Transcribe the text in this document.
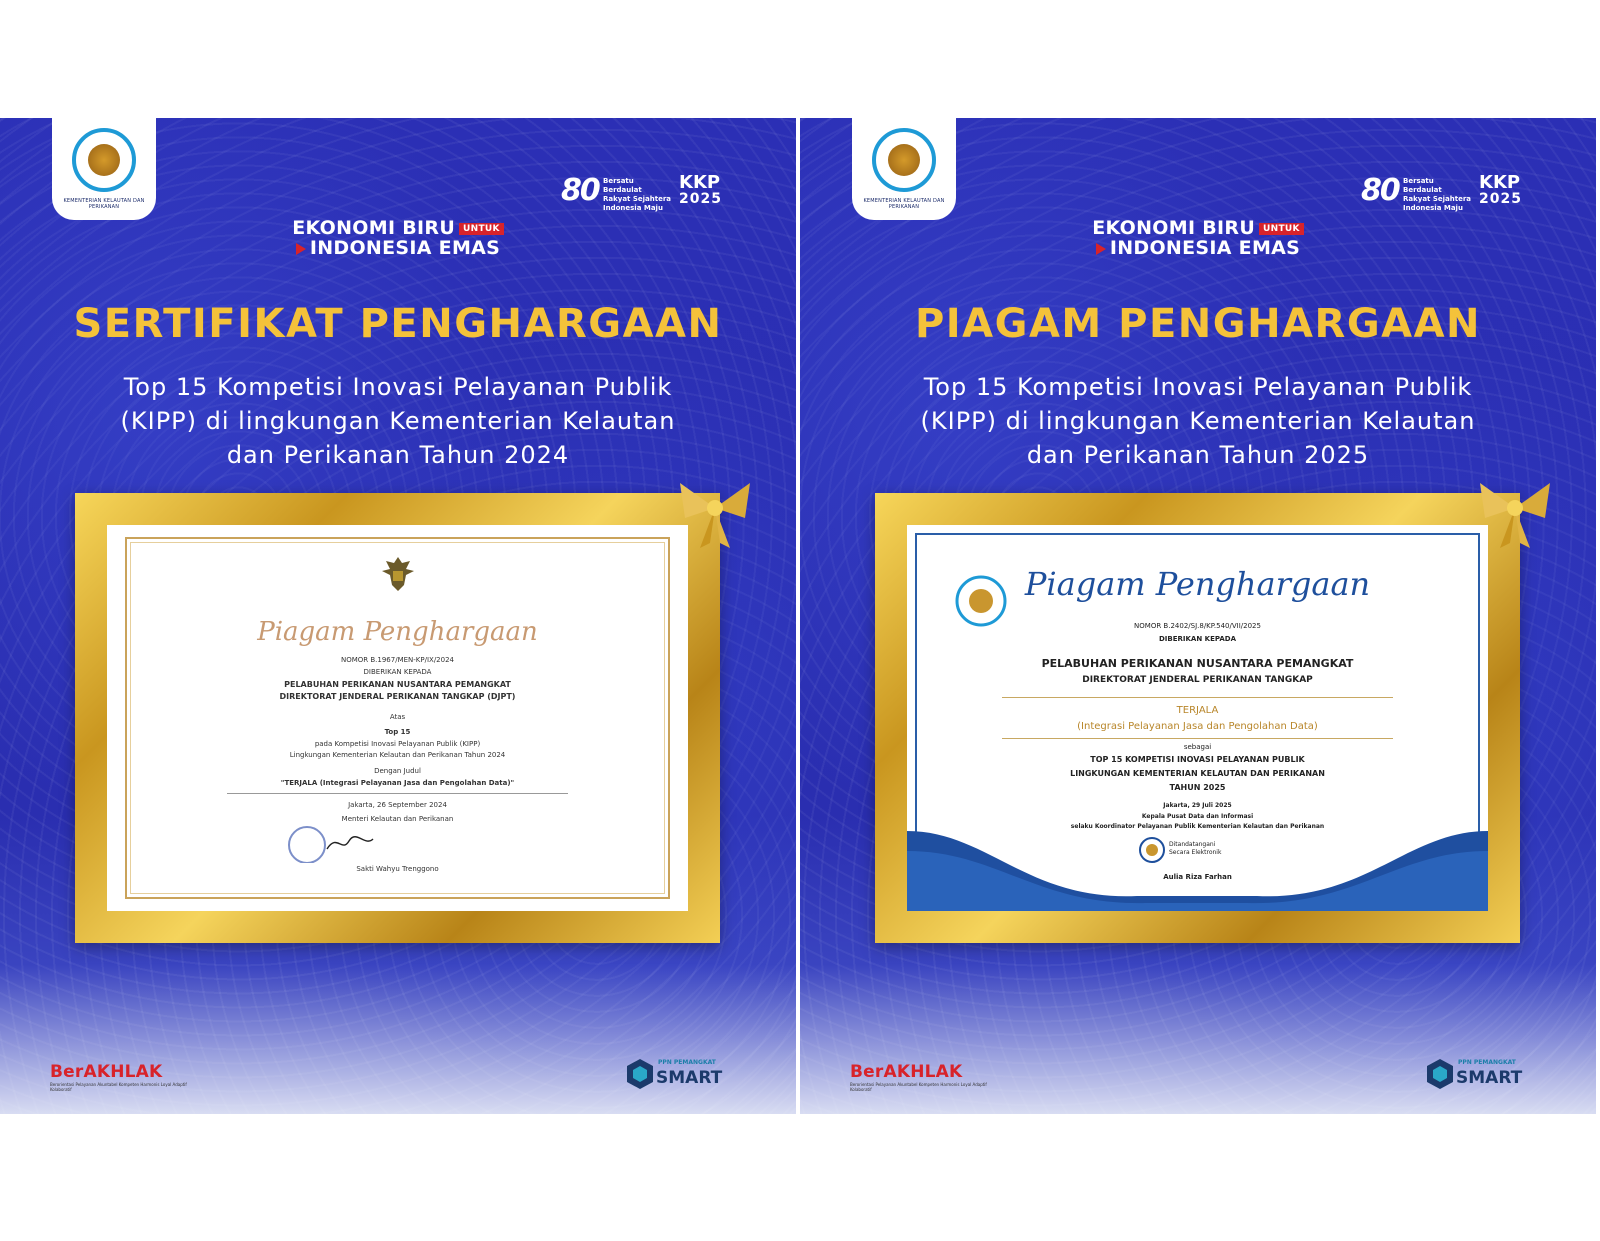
KEMENTERIAN KELAUTAN DAN PERIKANAN	80 Bersatu Berdaulat
Rakyat Sejahtera
Indonesia Maju
KKP
2025
EKONOMI BIRU UNTUK
INDONESIA EMAS
SERTIFIKAT PENGHARGAAN
Top 15 Kompetisi Inovasi Pelayanan Publik
(KIPP) di lingkungan Kementerian Kelautan
dan Perikanan Tahun 2024
Piagam Penghargaan
NOMOR B.1967/MEN-KP/IX/2024
DIBERIKAN KEPADA
PELABUHAN PERIKANAN NUSANTARA PEMANGKAT
DIREKTORAT JENDERAL PERIKANAN TANGKAP (DJPT)
Atas
Top 15
pada Kompetisi Inovasi Pelayanan Publik (KIPP)
Lingkungan Kementerian Kelautan dan Perikanan Tahun 2024
Dengan Judul
"TERJALA (Integrasi Pelayanan Jasa dan Pengolahan Data)"
Jakarta, 26 September 2024
Menteri Kelautan dan Perikanan
Sakti Wahyu Trenggono
BerAKHLAK
Berorientasi Pelayanan Akuntabel Kompeten Harmonis Loyal Adaptif Kolaboratif
PPN PEMANGKAT
SMART
KEMENTERIAN KELAUTAN DAN PERIKANAN	80 Bersatu Berdaulat
Rakyat Sejahtera
Indonesia Maju
KKP
2025
EKONOMI BIRU UNTUK
INDONESIA EMAS
PIAGAM PENGHARGAAN
Top 15 Kompetisi Inovasi Pelayanan Publik
(KIPP) di lingkungan Kementerian Kelautan
dan Perikanan Tahun 2025
Piagam Penghargaan
NOMOR B.2402/SJ.8/KP.540/VII/2025
DIBERIKAN KEPADA
PELABUHAN PERIKANAN NUSANTARA PEMANGKAT
DIREKTORAT JENDERAL PERIKANAN TANGKAP
TERJALA
(Integrasi Pelayanan Jasa dan Pengolahan Data)
sebagai
TOP 15 KOMPETISI INOVASI PELAYANAN PUBLIK
LINGKUNGAN KEMENTERIAN KELAUTAN DAN PERIKANAN
TAHUN 2025
Jakarta, 29 Juli 2025
Kepala Pusat Data dan Informasi
selaku Koordinator Pelayanan Publik Kementerian Kelautan dan Perikanan
Ditandatangani
Secara Elektronik
Aulia Riza Farhan
BerAKHLAK
Berorientasi Pelayanan Akuntabel Kompeten Harmonis Loyal Adaptif Kolaboratif
PPN PEMANGKAT
SMART
